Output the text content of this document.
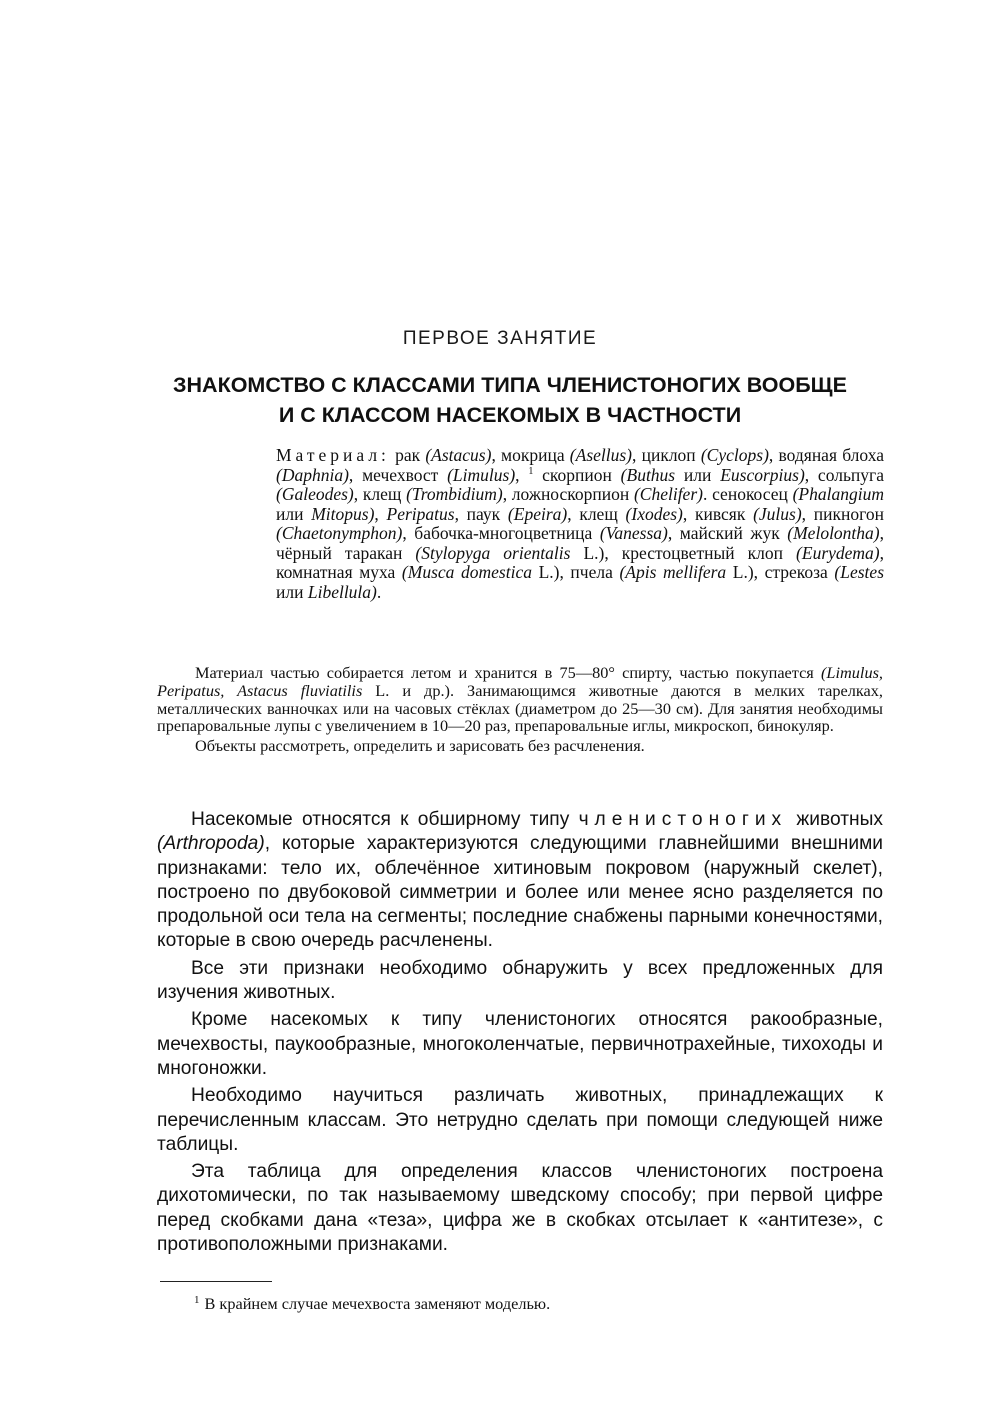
ПЕРВОЕ ЗАНЯТИЕ
ЗНАКОМСТВО С КЛАССАМИ ТИПА ЧЛЕНИСТОНОГИХ ВООБЩЕ
И С КЛАССОМ НАСЕКОМЫХ В ЧАСТНОСТИ
Материал: рак (Astacus), мокрица (Asellus), циклоп (Cyclops), водяная блоха (Daphnia), мечехвост (Limulus), $^1$ скорпион (Buthus или Euscorpius), сольпуга (Galeodes), клещ (Trombidium), ложноскорпион (Chelifer). сенокосец (Phalangium или Mitopus), Peripatus, паук (Epeira), клещ (Ixodes), кивсяк (Julus), пикногон (Chaetonymphon), бабочка-многоцветница (Vanessa), майский жук (Melolontha), чёрный таракан (Stylopyga orientalis L.), крестоцветный клоп (Eurydema), комнатная муха (Musca domestica L.), пчела (Apis mellifera L.), стрекоза (Lestes или Libellula).

Материал частью собирается летом и хранится в 75—80° спирту, частью покупается (Limulus, Peripatus, Astacus fluviatilis L. и др.). Занимающимся животные даются в мелких тарелках, металлических ванночках или на часовых стёклах (диаметром до 25—30 см). Для занятия необходимы препаровальные лупы с увеличением в 10—20 раз, препаровальные иглы, микроскоп, бинокуляр.

Объекты рассмотреть, определить и зарисовать без расчленения.

Насекомые относятся к обширному типу членистоногих животных (Arthropoda), которые характеризуются следующими главнейшими внешними признаками: тело их, облечённое хитиновым покровом (наружный скелет), построено по двубоковой симметрии и более или менее ясно разделяется по продольной оси тела на сегменты; последние снабжены парными конечностями, которые в свою очередь расчленены.

Все эти признаки необходимо обнаружить у всех предложенных для изучения животных.

Кроме насекомых к типу членистоногих относятся ракообразные, мечехвосты, паукообразные, многоколенчатые, первичнотрахейные, тихоходы и многоножки.

Необходимо научиться различать животных, принадлежащих к перечисленным классам. Это нетрудно сделать при помощи следующей ниже таблицы.

Эта таблица для определения классов членистоногих построена дихотомически, по так называемому шведскому способу; при первой цифре перед скобками дана «теза», цифра же в скобках отсылает к «антитезе», с противоположными признаками.

$^1$ В крайнем случае мечехвоста заменяют моделью.
